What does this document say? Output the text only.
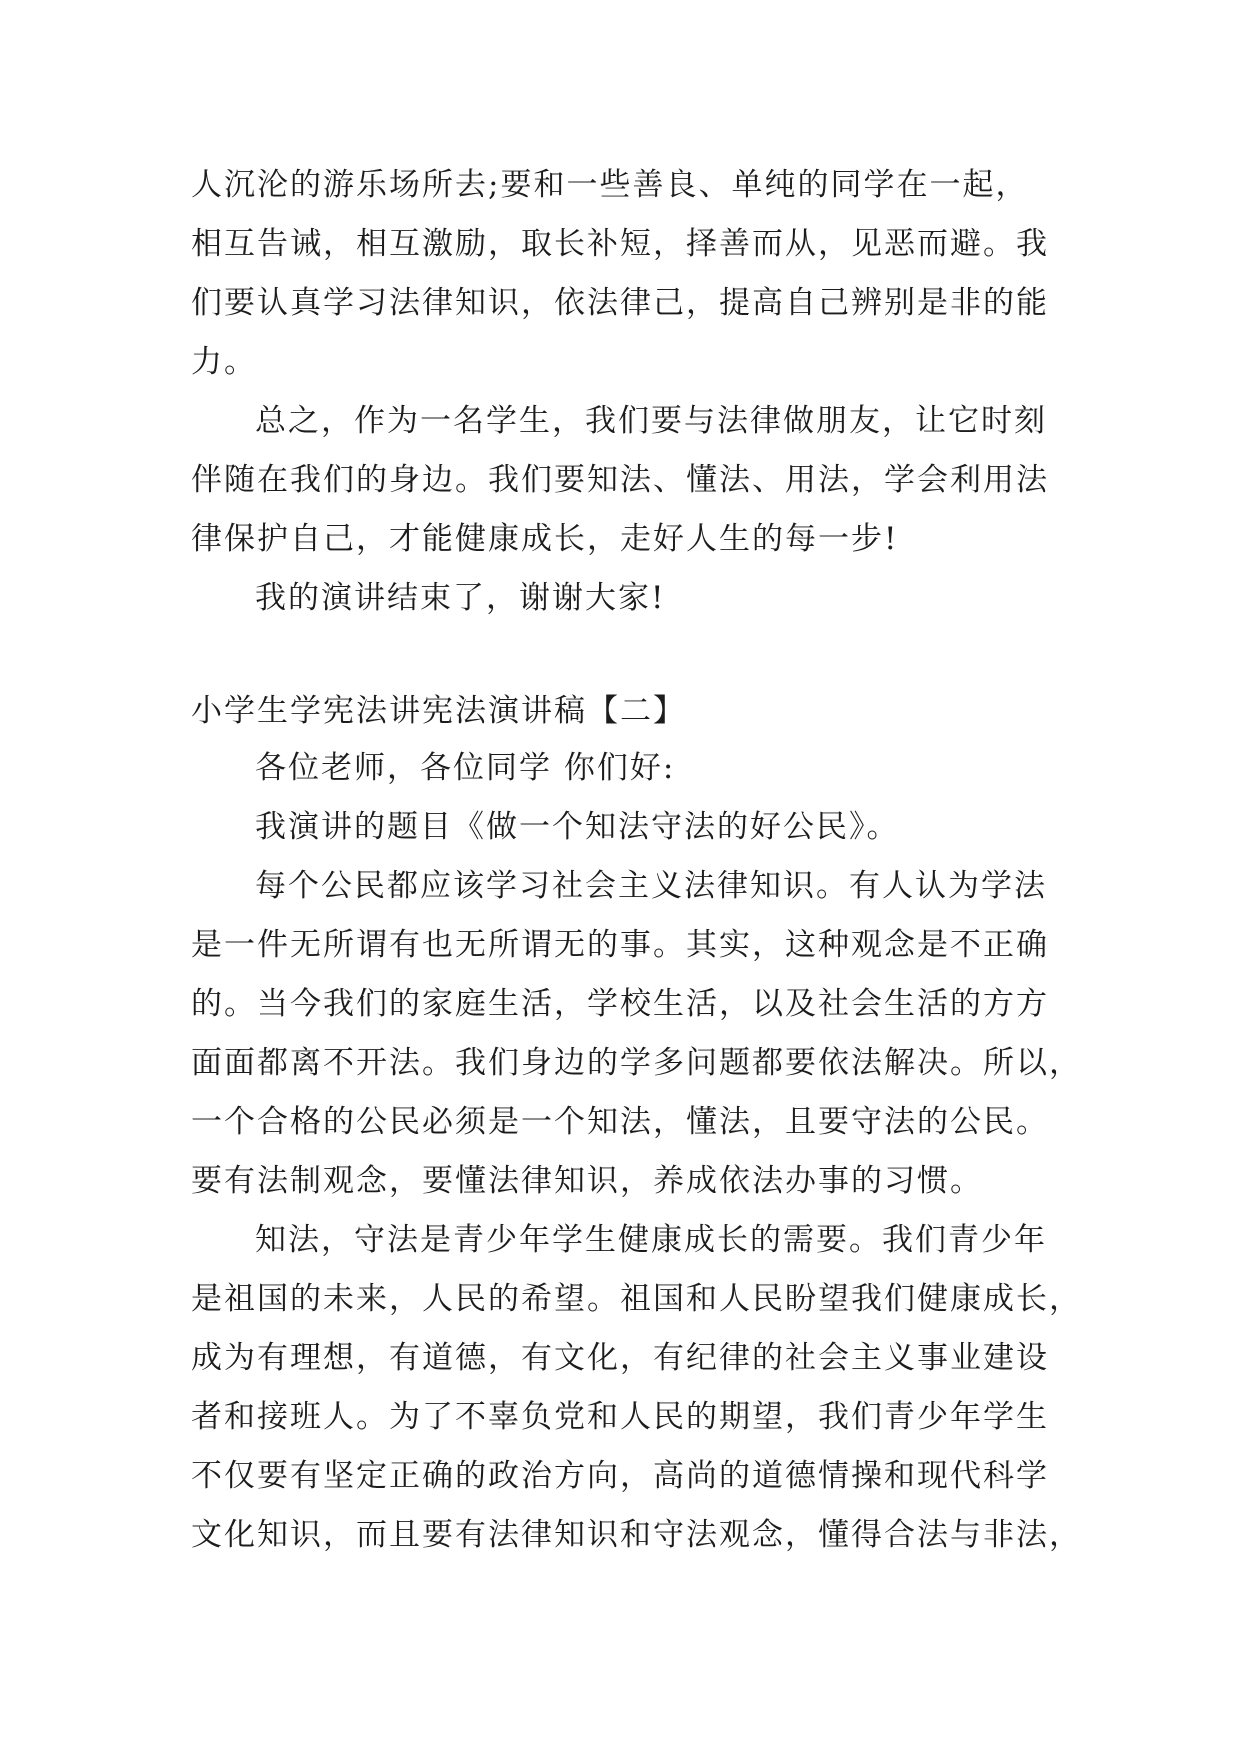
人沉沦的游乐场所去;要和一些善良、单纯的同学在一起，
相互告诫，相互激励，取长补短，择善而从，见恶而避。我
们要认真学习法律知识，依法律己，提高自己辨别是非的能
力。
总之，作为一名学生，我们要与法律做朋友，让它时刻
伴随在我们的身边。我们要知法、懂法、用法，学会利用法
律保护自己，才能健康成长，走好人生的每一步!
我的演讲结束了，谢谢大家!
小学生学宪法讲宪法演讲稿【二】
各位老师，各位同学 你们好:
我演讲的题目《做一个知法守法的好公民》。
每个公民都应该学习社会主义法律知识。有人认为学法
是一件无所谓有也无所谓无的事。其实，这种观念是不正确
的。当今我们的家庭生活，学校生活，以及社会生活的方方
面面都离不开法。我们身边的学多问题都要依法解决。所以，
一个合格的公民必须是一个知法，懂法，且要守法的公民。
要有法制观念，要懂法律知识，养成依法办事的习惯。
知法，守法是青少年学生健康成长的需要。我们青少年
是祖国的未来，人民的希望。祖国和人民盼望我们健康成长，
成为有理想，有道德，有文化，有纪律的社会主义事业建设
者和接班人。为了不辜负党和人民的期望，我们青少年学生
不仅要有坚定正确的政治方向，高尚的道德情操和现代科学
文化知识，而且要有法律知识和守法观念，懂得合法与非法，
